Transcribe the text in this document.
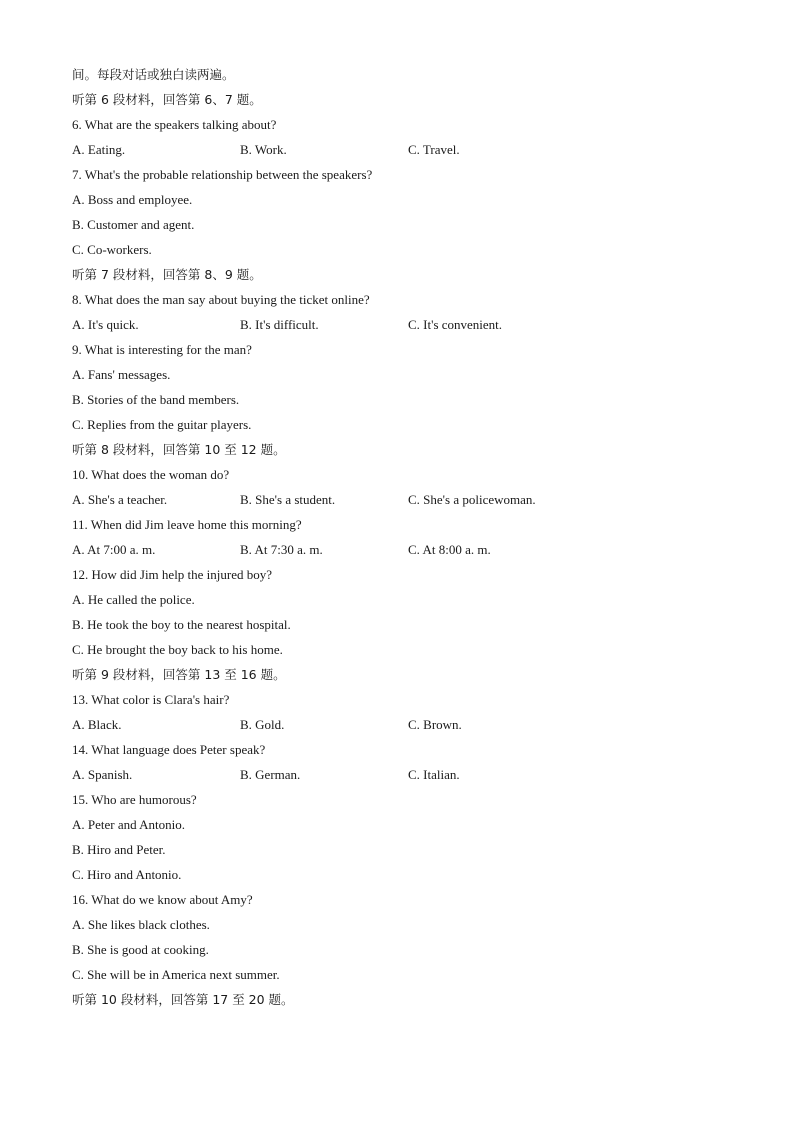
间。每段对话或独白读两遍。
听第 6 段材料，回答第 6、7 题。
6. What are the speakers talking about?
A. Eating.	B. Work.	C. Travel.
7. What's the probable relationship between the speakers?
A. Boss and employee.
B. Customer and agent.
C. Co-workers.
听第 7 段材料，回答第 8、9 题。
8. What does the man say about buying the ticket online?
A. It's quick.	B. It's difficult.	C. It's convenient.
9. What is interesting for the man?
A. Fans' messages.
B. Stories of the band members.
C. Replies from the guitar players.
听第 8 段材料，回答第 10 至 12 题。
10. What does the woman do?
A. She's a teacher.	B. She's a student.	C. She's a policewoman.
11. When did Jim leave home this morning?
A. At 7:00 a. m.	B. At 7:30 a. m.	C. At 8:00 a. m.
12. How did Jim help the injured boy?
A. He called the police.
B. He took the boy to the nearest hospital.
C. He brought the boy back to his home.
听第 9 段材料，回答第 13 至 16 题。
13. What color is Clara's hair?
A. Black.	B. Gold.	C. Brown.
14. What language does Peter speak?
A. Spanish.	B. German.	C. Italian.
15. Who are humorous?
A. Peter and Antonio.
B. Hiro and Peter.
C. Hiro and Antonio.
16. What do we know about Amy?
A. She likes black clothes.
B. She is good at cooking.
C. She will be in America next summer.
听第 10 段材料，回答第 17 至 20 题。
